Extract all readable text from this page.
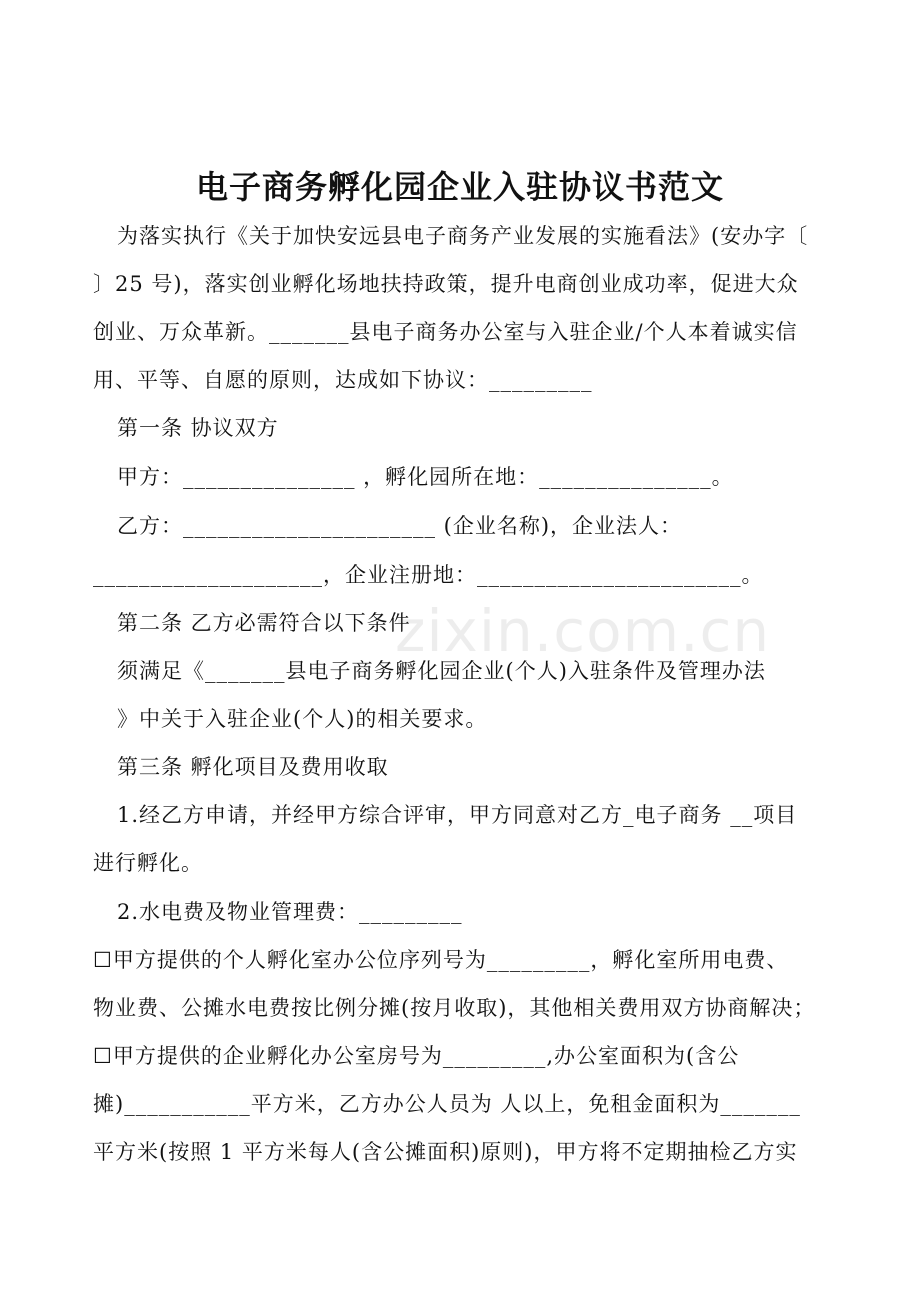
zixin.com.cn
电子商务孵化园企业入驻协议书范文
为落实执行《关于加快安远县电子商务产业发展的实施看法》(安办字〔
〕25 号)，落实创业孵化场地扶持政策，提升电商创业成功率，促进大众
创业、万众革新。_______县电子商务办公室与入驻企业/个人本着诚实信
用、平等、自愿的原则，达成如下协议：_________
第一条 协议双方
甲方：_______________ ，孵化园所在地：_______________。
乙方：______________________ (企业名称)，企业法人：
____________________，企业注册地：_______________________。
第二条 乙方必需符合以下条件
须满足《_______县电子商务孵化园企业(个人)入驻条件及管理办法
》中关于入驻企业(个人)的相关要求。
第三条 孵化项目及费用收取
1.经乙方申请，并经甲方综合评审，甲方同意对乙方_电子商务 __项目
进行孵化。
2.水电费及物业管理费：_________
☐甲方提供的个人孵化室办公位序列号为_________，孵化室所用电费、
物业费、公摊水电费按比例分摊(按月收取)，其他相关费用双方协商解决；
☐甲方提供的企业孵化办公室房号为_________,办公室面积为(含公
摊)___________平方米，乙方办公人员为 人以上，免租金面积为_______
平方米(按照 1 平方米每人(含公摊面积)原则)，甲方将不定期抽检乙方实
